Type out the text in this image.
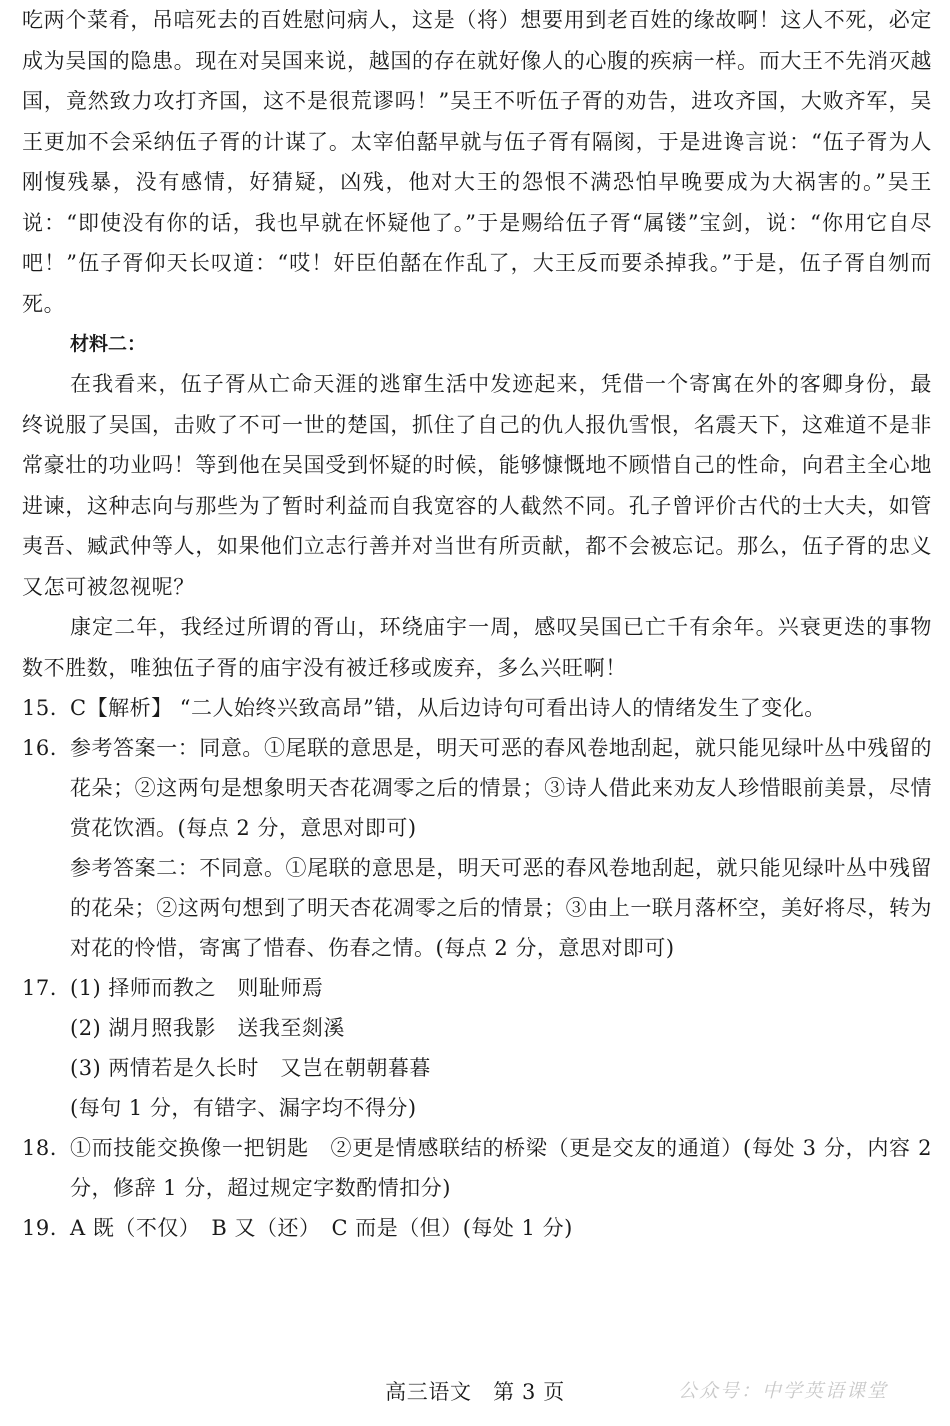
吃两个菜肴，吊唁死去的百姓慰问病人，这是（将）想要用到老百姓的缘故啊！这人不死，必定成为吴国的隐患。现在对吴国来说，越国的存在就好像人的心腹的疾病一样。而大王不先消灭越国，竟然致力攻打齐国，这不是很荒谬吗！”吴王不听伍子胥的劝告，进攻齐国，大败齐军，吴王更加不会采纳伍子胥的计谋了。太宰伯嚭早就与伍子胥有隔阂，于是进谗言说：“伍子胥为人刚愎残暴，没有感情，好猜疑，凶残，他对大王的怨恨不满恐怕早晚要成为大祸害的。”吴王说：“即使没有你的话，我也早就在怀疑他了。”于是赐给伍子胥“属镂”宝剑，说：“你用它自尽吧！”伍子胥仰天长叹道：“哎！奸臣伯嚭在作乱了，大王反而要杀掉我。”于是，伍子胥自刎而死。

材料二：

在我看来，伍子胥从亡命天涯的逃窜生活中发迹起来，凭借一个寄寓在外的客卿身份，最终说服了吴国，击败了不可一世的楚国，抓住了自己的仇人报仇雪恨，名震天下，这难道不是非常豪壮的功业吗！等到他在吴国受到怀疑的时候，能够慷慨地不顾惜自己的性命，向君主全心地进谏，这种志向与那些为了暂时利益而自我宽容的人截然不同。孔子曾评价古代的士大夫，如管夷吾、臧武仲等人，如果他们立志行善并对当世有所贡献，都不会被忘记。那么，伍子胥的忠义又怎可被忽视呢？

康定二年，我经过所谓的胥山，环绕庙宇一周，感叹吴国已亡千有余年。兴衰更迭的事物数不胜数，唯独伍子胥的庙宇没有被迁移或废弃，多么兴旺啊！

15. C【解析】 “二人始终兴致高昂”错，从后边诗句可看出诗人的情绪发生了变化。
16. 参考答案一：同意。①尾联的意思是，明天可恶的春风卷地刮起，就只能见绿叶丛中残留的花朵；②这两句是想象明天杏花凋零之后的情景；③诗人借此来劝友人珍惜眼前美景，尽情赏花饮酒。(每点 2 分，意思对即可)

参考答案二：不同意。①尾联的意思是，明天可恶的春风卷地刮起，就只能见绿叶丛中残留的花朵；②这两句想到了明天杏花凋零之后的情景；③由上一联月落杯空，美好将尽，转为对花的怜惜，寄寓了惜春、伤春之情。(每点 2 分，意思对即可)

17. (1) 择师而教之　则耻师焉

(2) 湖月照我影　送我至剡溪

(3) 两情若是久长时　又岂在朝朝暮暮

(每句 1 分，有错字、漏字均不得分)

18. ①而技能交换像一把钥匙　②更是情感联结的桥梁（更是交友的通道）(每处 3 分，内容 2 分，修辞 1 分，超过规定字数酌情扣分)
19. A 既（不仅）　B 又（还）　C 而是（但）(每处 1 分)
高三语文　第 3 页	公众号：中学英语课堂
